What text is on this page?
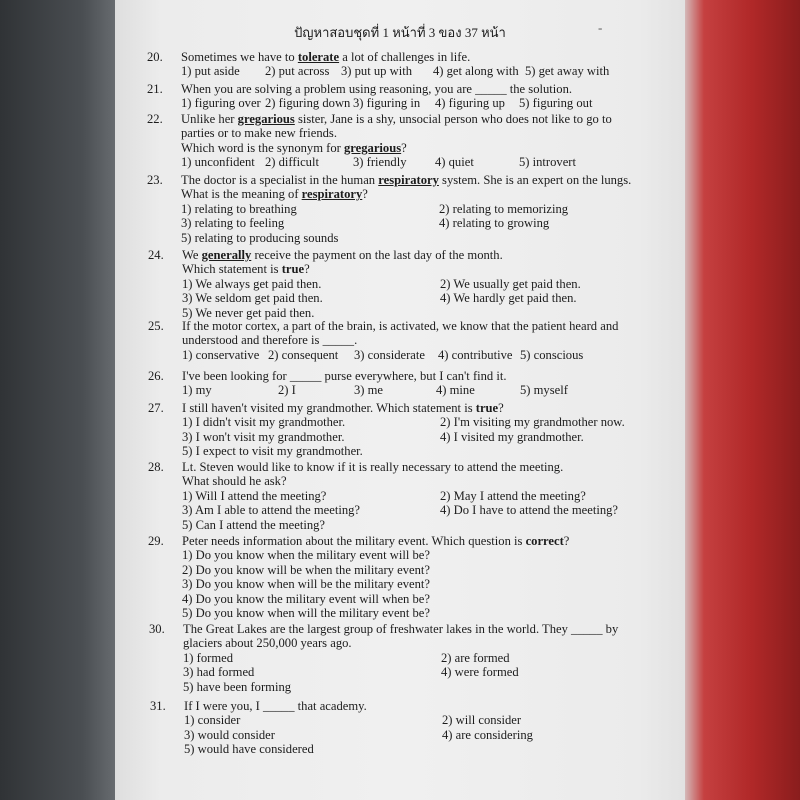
ปัญหาสอบชุดที่ 1 หน้าที่ 3 ของ 37 หน้า	-
20.	Sometimes we have to tolerate a lot of challenges in life.
1) put aside 2) put across 3) put up with 4) get along with 5) get away with
21.	When you are solving a problem using reasoning, you are _____ the solution.
1) figuring over 2) figuring down 3) figuring in 4) figuring up 5) figuring out
22.	Unlike her gregarious sister, Jane is a shy, unsocial person who does not like to go to
parties or to make new friends.
Which word is the synonym for gregarious?
1) unconfident 2) difficult	3) friendly 4) quiet	5) introvert
23.	The doctor is a specialist in the human respiratory system. She is an expert on the lungs.
What is the meaning of respiratory?
1) relating to breathing	2) relating to memorizing
3) relating to feeling	4) relating to growing
5) relating to producing sounds
24.	We generally receive the payment on the last day of the month.
Which statement is true?
1) We always get paid then.	2) We usually get paid then.
3) We seldom get paid then.	4) We hardly get paid then.
5) We never get paid then.
25.	If the motor cortex, a part of the brain, is activated, we know that the patient heard and
understood and therefore is _____.
1) conservative 2) consequent 3) considerate 4) contributive 5) conscious
26.	I've been looking for _____ purse everywhere, but I can't find it.
1) my	2) I	3) me	4) mine	5) myself
27.	I still haven't visited my grandmother. Which statement is true?
1) I didn't visit my grandmother.	2) I'm visiting my grandmother now.
3) I won't visit my grandmother.	4) I visited my grandmother.
5) I expect to visit my grandmother.
28.	Lt. Steven would like to know if it is really necessary to attend the meeting.
What should he ask?
1) Will I attend the meeting?	2) May I attend the meeting?
3) Am I able to attend the meeting?	4) Do I have to attend the meeting?
5) Can I attend the meeting?
29.	Peter needs information about the military event. Which question is correct?
1) Do you know when the military event will be?
2) Do you know will be when the military event?
3) Do you know when will be the military event?
4) Do you know the military event will when be?
5) Do you know when will the military event be?
30.	The Great Lakes are the largest group of freshwater lakes in the world. They _____ by
glaciers about 250,000 years ago.
1) formed	2) are formed
3) had formed	4) were formed
5) have been forming
31.	If I were you, I _____ that academy.
1) consider	2) will consider
3) would consider	4) are considering
5) would have considered
